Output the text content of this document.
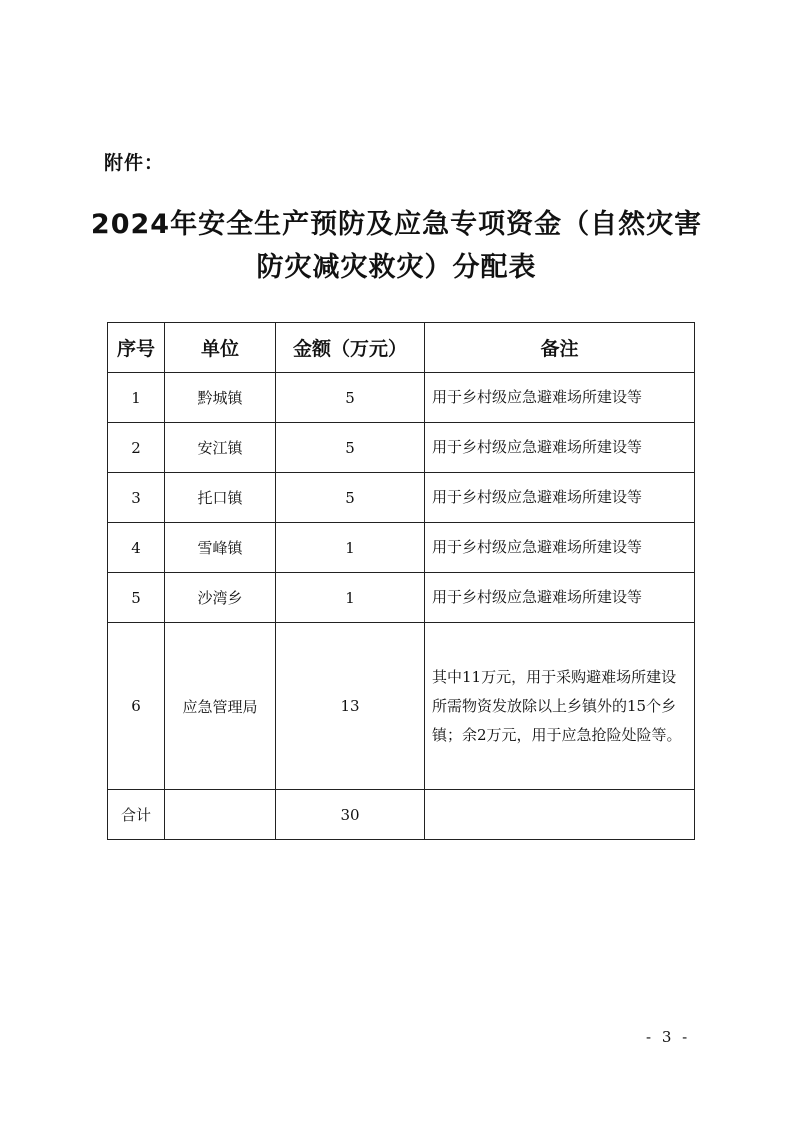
附件：
2024年安全生产预防及应急专项资金（自然灾害
防灾减灾救灾）分配表
序号	单位	金额（万元）	备注
1	黔城镇	5	用于乡村级应急避难场所建设等
2	安江镇	5	用于乡村级应急避难场所建设等
3	托口镇	5	用于乡村级应急避难场所建设等
4	雪峰镇	1	用于乡村级应急避难场所建设等
5	沙湾乡	1	用于乡村级应急避难场所建设等
6	应急管理局	13	其中11万元，用于采购避难场所建设所需物资发放除以上乡镇外的15个乡镇；余2万元，用于应急抢险处险等。
合计		30	
- 3 -
